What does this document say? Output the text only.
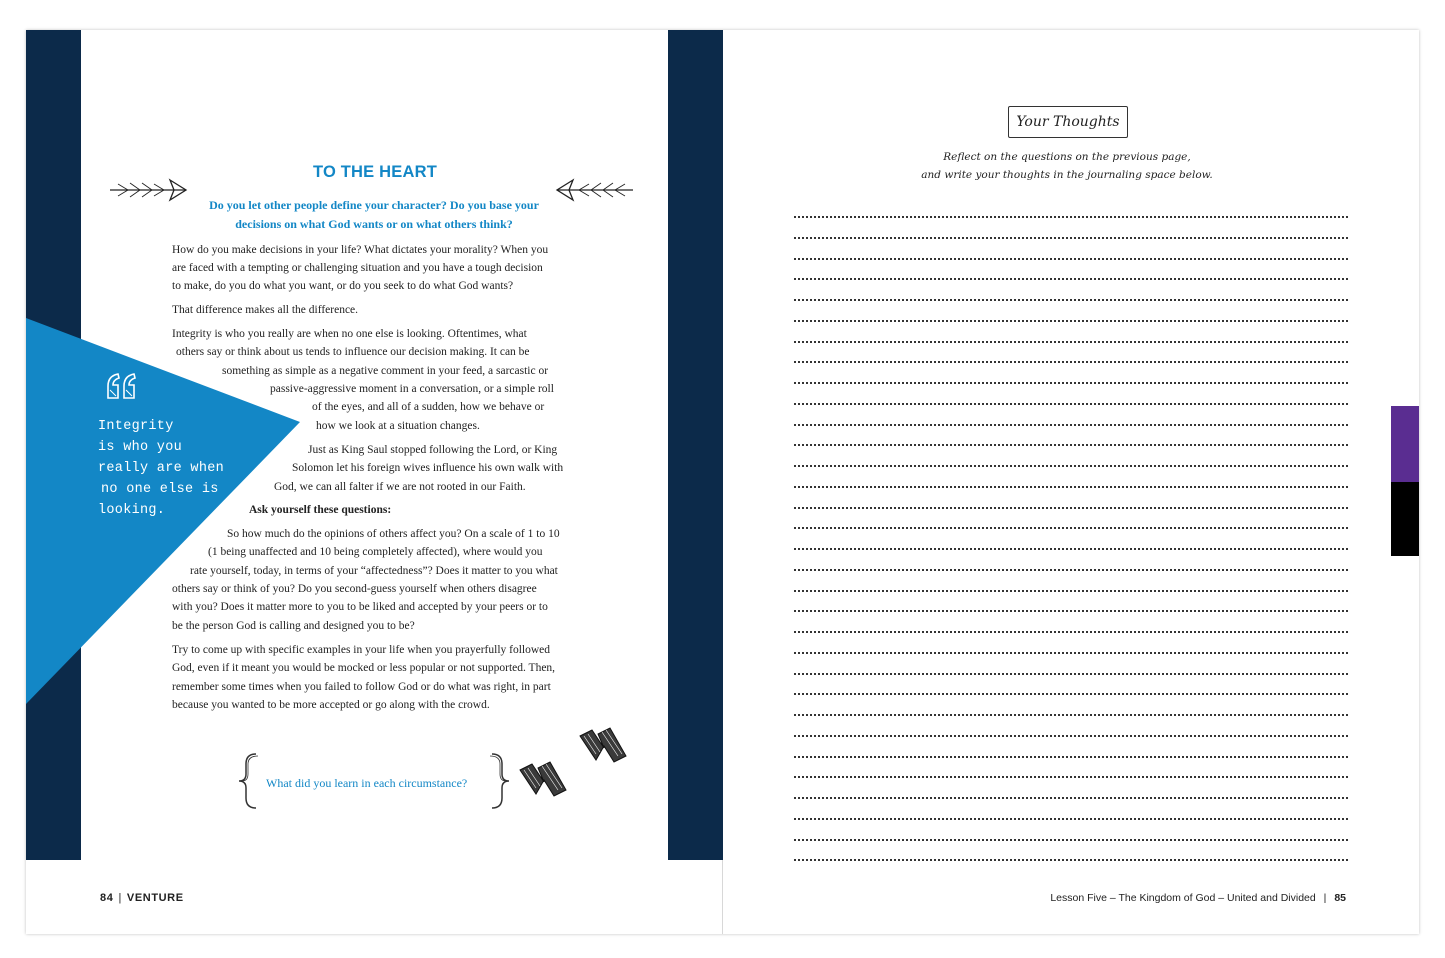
Integrity
is who you
really are when
no one else is
looking.
TO THE HEART
Do you let other people define your character? Do you base your
decisions on what God wants or on what others think?
How do you make decisions in your life? What dictates your morality? When you
are faced with a tempting or challenging situation and you have a tough decision
to make, do you do what you want, or do you seek to do what God wants?
That difference makes all the difference.
Integrity is who you really are when no one else is looking. Oftentimes, what
others say or think about us tends to influence our decision making. It can be
something as simple as a negative comment in your feed, a sarcastic or
passive-aggressive moment in a conversation, or a simple roll
of the eyes, and all of a sudden, how we behave or
how we look at a situation changes.
Just as King Saul stopped following the Lord, or King
Solomon let his foreign wives influence his own walk with
God, we can all falter if we are not rooted in our Faith.
Ask yourself these questions:
So how much do the opinions of others affect you? On a scale of 1 to 10
(1 being unaffected and 10 being completely affected), where would you
rate yourself, today, in terms of your “affectedness”? Does it matter to you what
others say or think of you? Do you second-guess yourself when others disagree
with you? Does it matter more to you to be liked and accepted by your peers or to
be the person God is calling and designed you to be?
Try to come up with specific examples in your life when you prayerfully followed
God, even if it meant you would be mocked or less popular or not supported. Then,
remember some times when you failed to follow God or do what was right, in part
because you wanted to be more accepted or go along with the crowd.
What did you learn in each circumstance?
84 | VENTURE
Your Thoughts
Reflect on the questions on the previous page,
and write your thoughts in the journaling space below.
Lesson Five – The Kingdom of God – United and Divided | 85
